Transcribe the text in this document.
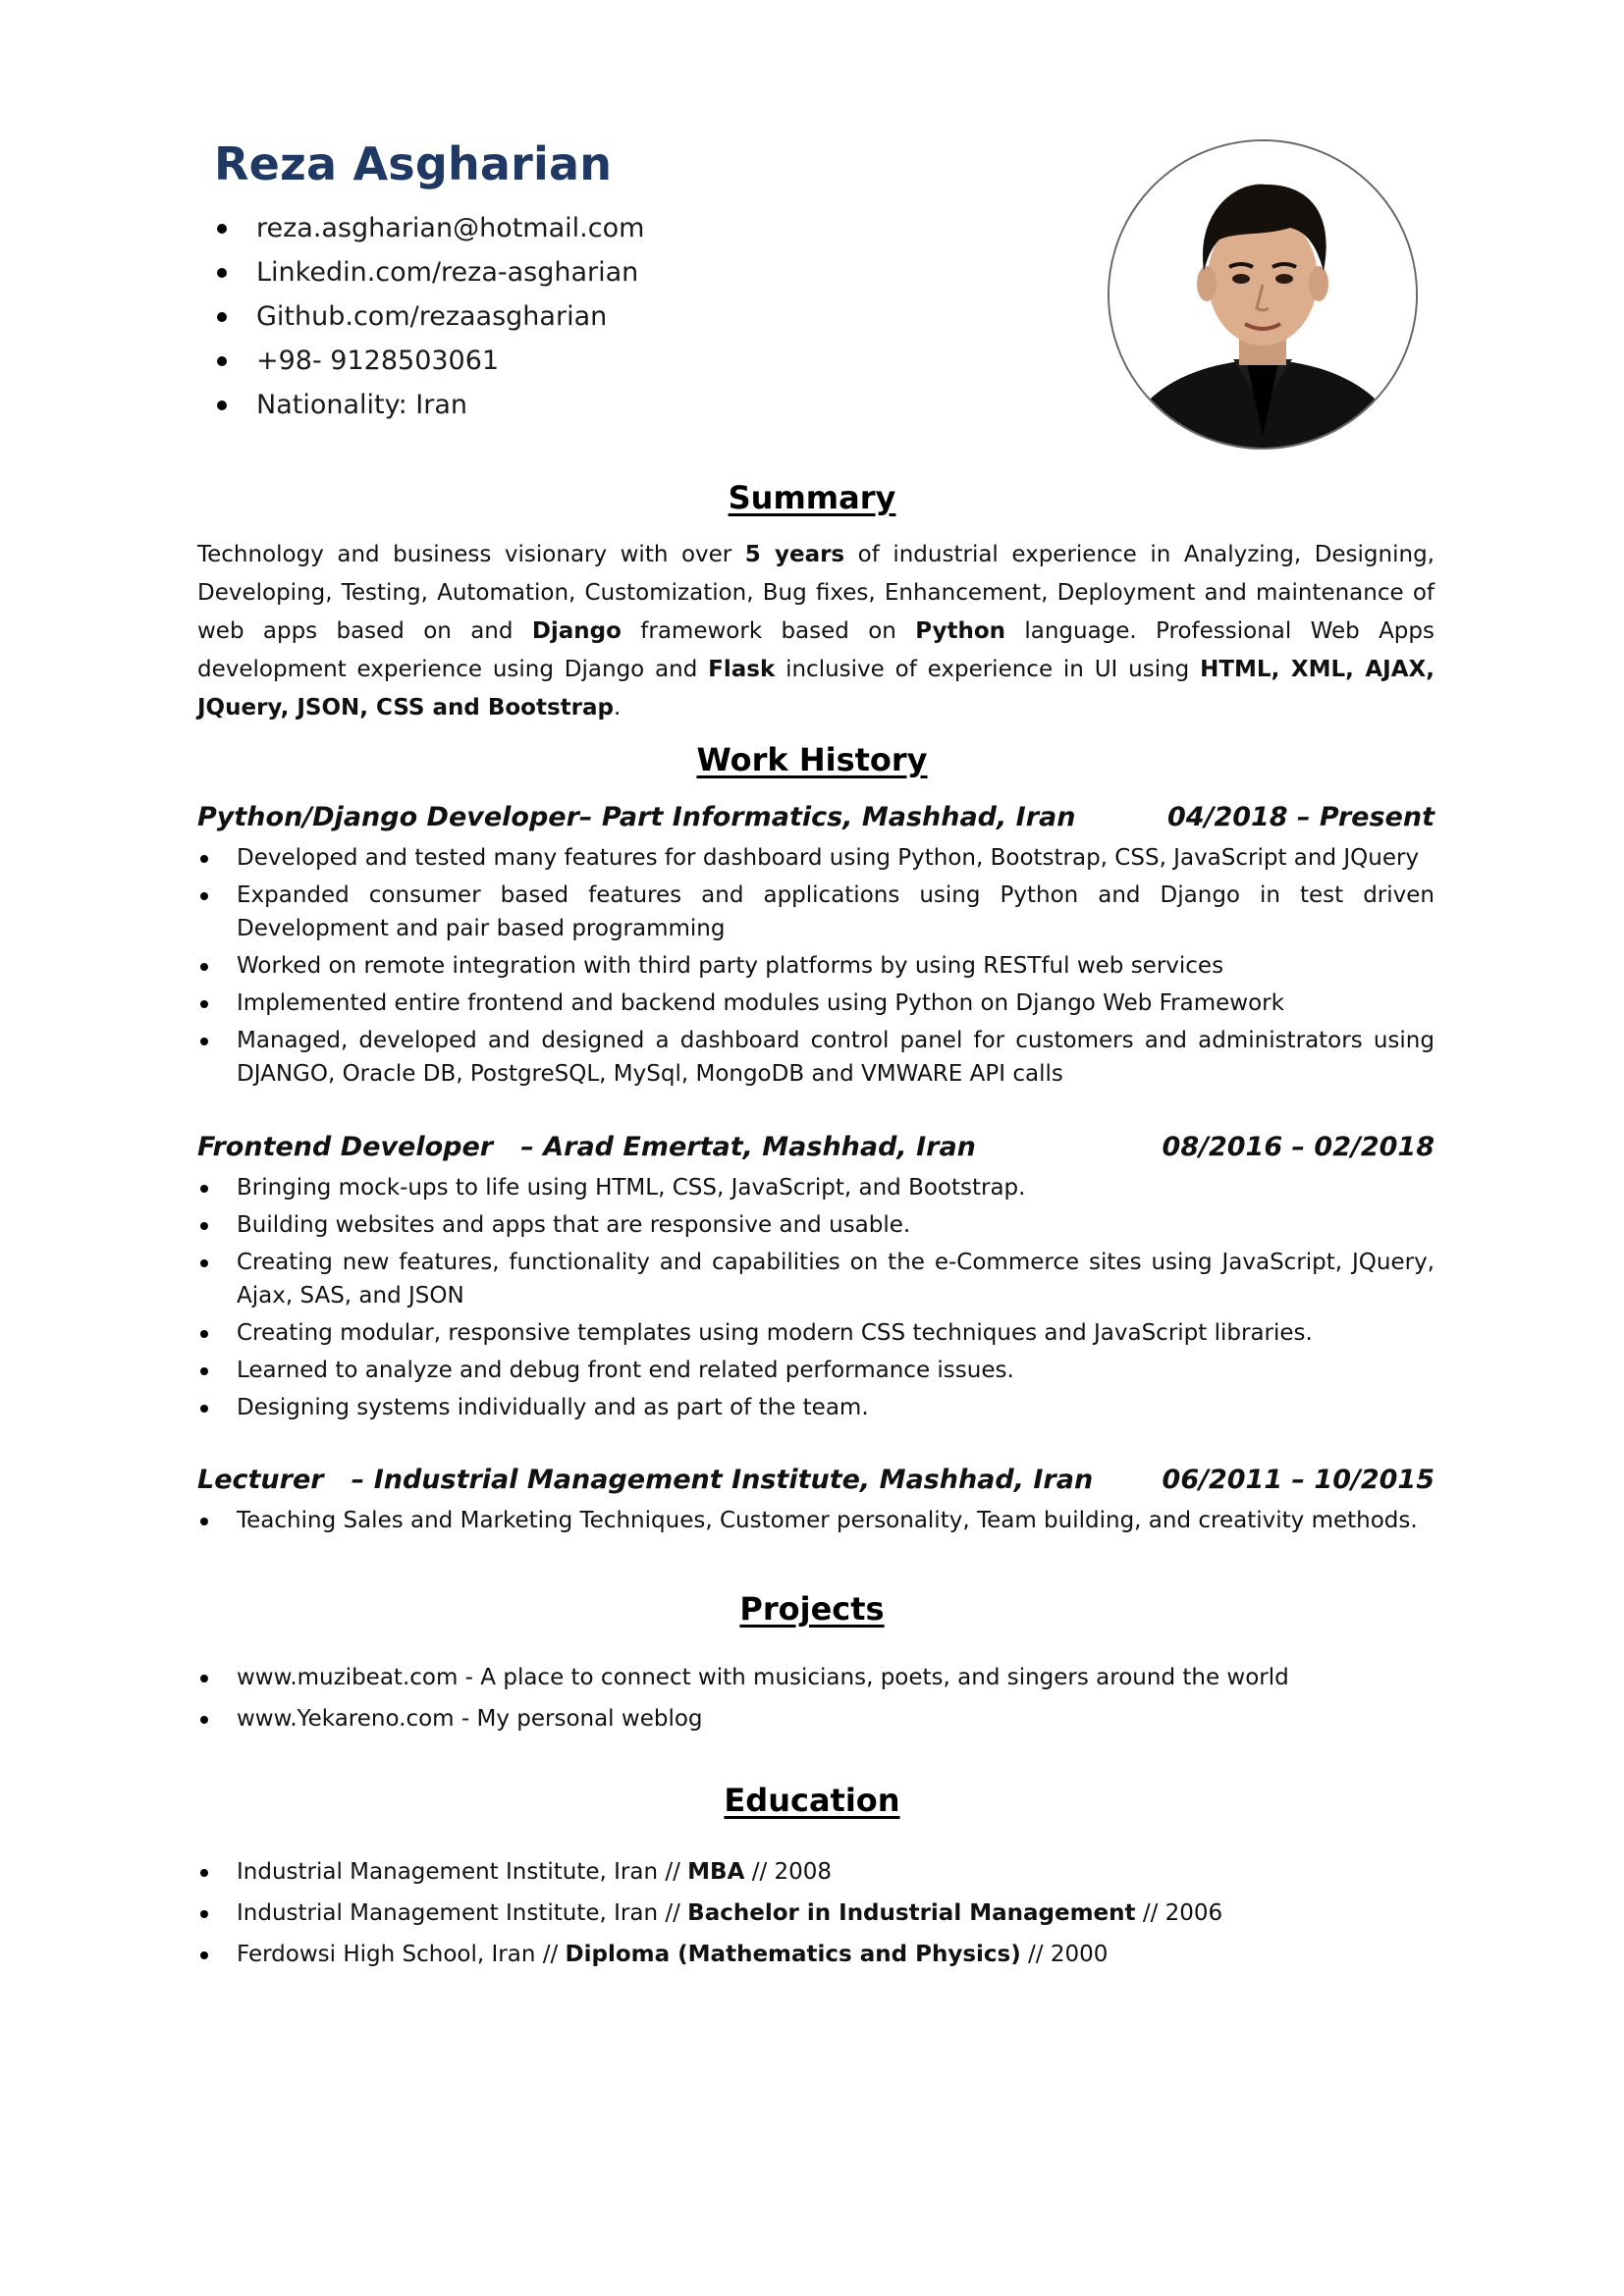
Reza Asgharian
reza.asgharian@hotmail.com
Linkedin.com/reza-asgharian
Github.com/rezaasgharian
+98- 9128503061
Nationality: Iran
Summary
Technology and business visionary with over 5 years of industrial experience in Analyzing, Designing, Developing, Testing, Automation, Customization, Bug fixes, Enhancement, Deployment and maintenance of web apps based on and Django framework based on Python language. Professional Web Apps development experience using Django and Flask inclusive of experience in UI using HTML, XML, AJAX, JQuery, JSON, CSS and Bootstrap.
Work History
Python/Django Developer– Part Informatics, Mashhad, Iran	04/2018 – Present
Developed and tested many features for dashboard using Python, Bootstrap, CSS, JavaScript and JQuery
Expanded consumer based features and applications using Python and Django in test driven Development and pair based programming
Worked on remote integration with third party platforms by using RESTful web services
Implemented entire frontend and backend modules using Python on Django Web Framework
Managed, developed and designed a dashboard control panel for customers and administrators using DJANGO, Oracle DB, PostgreSQL, MySql, MongoDB and VMWARE API calls
Frontend Developer   – Arad Emertat, Mashhad, Iran	08/2016 – 02/2018
Bringing mock-ups to life using HTML, CSS, JavaScript, and Bootstrap.
Building websites and apps that are responsive and usable.
Creating new features, functionality and capabilities on the e-Commerce sites using JavaScript, JQuery, Ajax, SAS, and JSON
Creating modular, responsive templates using modern CSS techniques and JavaScript libraries.
Learned to analyze and debug front end related performance issues.
Designing systems individually and as part of the team.
Lecturer   – Industrial Management Institute, Mashhad, Iran	06/2011 – 10/2015
Teaching Sales and Marketing Techniques, Customer personality, Team building, and creativity methods.
Projects
www.muzibeat.com - A place to connect with musicians, poets, and singers around the world
www.Yekareno.com - My personal weblog
Education
Industrial Management Institute, Iran // MBA // 2008
Industrial Management Institute, Iran // Bachelor in Industrial Management // 2006
Ferdowsi High School, Iran // Diploma (Mathematics and Physics) // 2000
